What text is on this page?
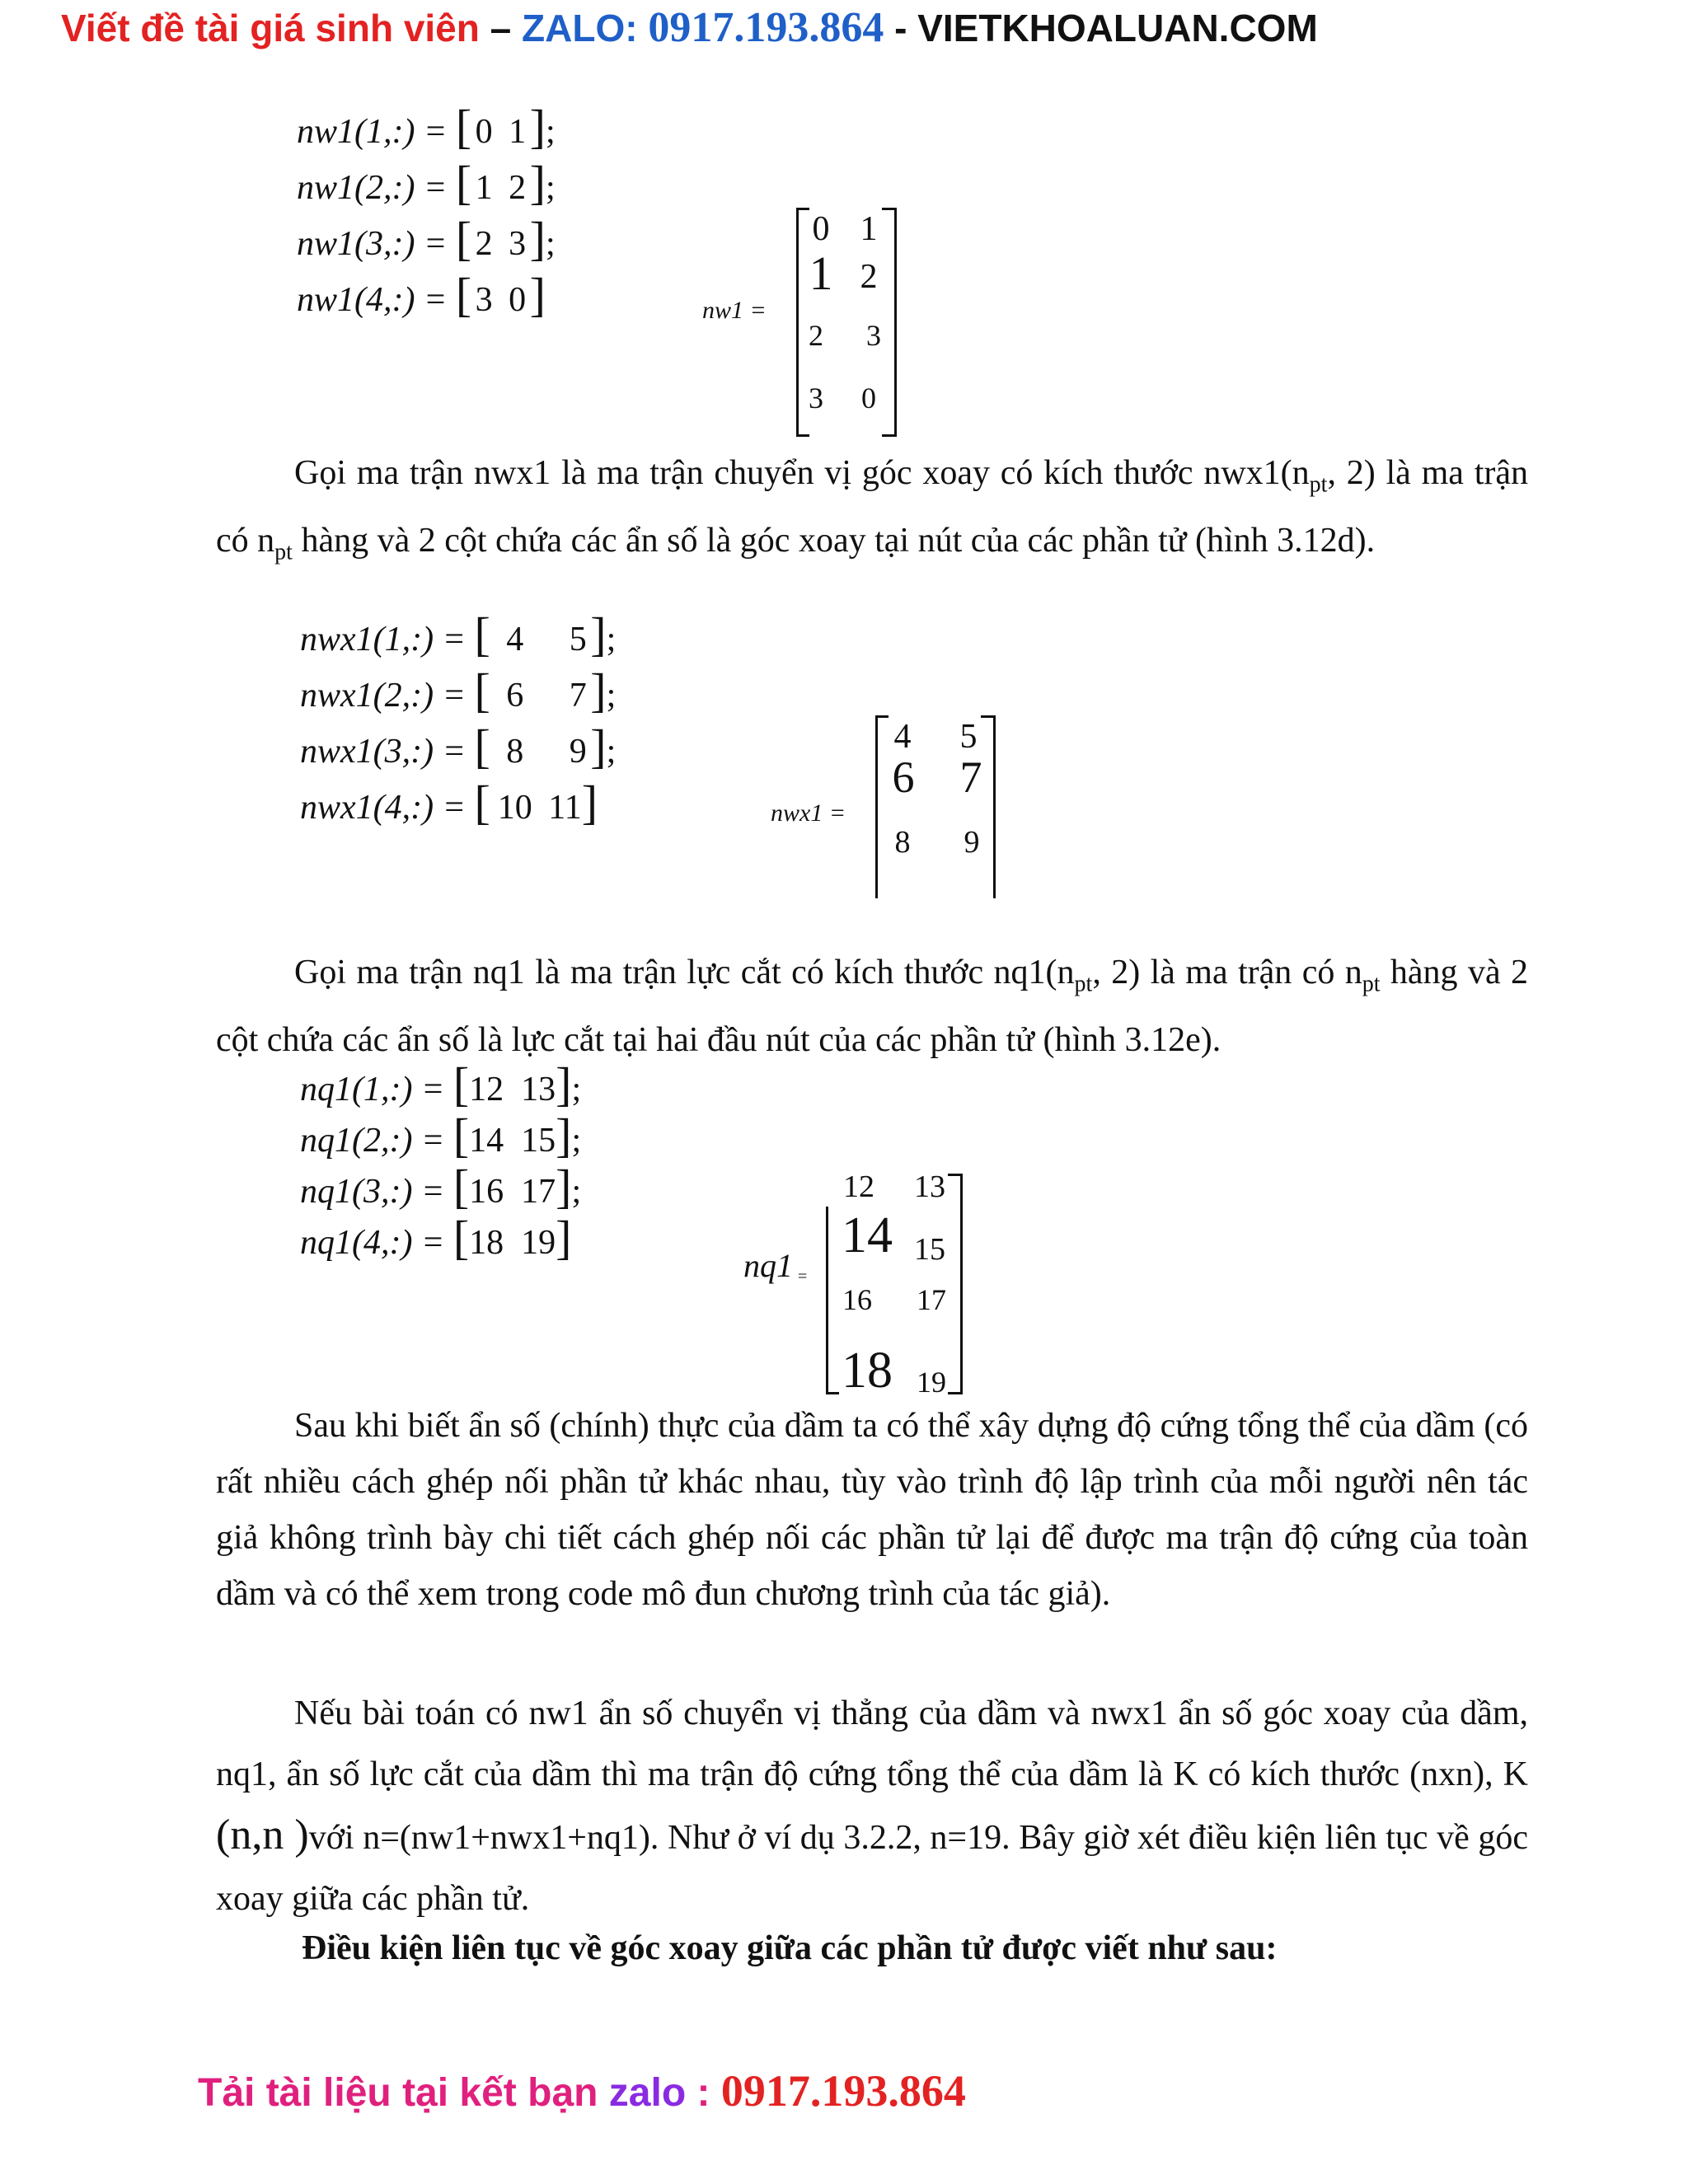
Viết đề tài giá sinh viên – ZALO: 0917.193.864 - VIETKHOALUAN.COM
nw1(1,:) = [ 0 1];
nw1(2,:) = [ 1 2];
nw1(3,:) = [ 2 3];
nw1(4,:) = [ 3 0]	nw1 =
0 1
1 2
2	3
3	0
Gọi ma trận nwx1 là ma trận chuyển vị góc xoay có kích thước $nwx1(n_{pt}$, 2) là ma trận có $n_{pt}$ hàng và 2 cột chứa các ẩn số là góc xoay tại nút của các phần tử (hình 3.12d).
nwx1(1,:) = [ 4 5];
nwx1(2,:) = [ 6 7];
nwx1(3,:) = [ 8 9];
nwx1(4,:) = [ 10 11]	nwx1 =
4	5
6 7
8	9
Gọi ma trận nq1 là ma trận lực cắt có kích thước $nq1(n_{pt}$, 2) là ma trận có $n_{pt}$ hàng và 2 cột chứa các ẩn số là lực cắt tại hai đầu nút của các phần tử (hình 3.12e).
nq1(1,:) = [12 13];
nq1(2,:) = [14 15];
nq1(3,:) = [16 17];
nq1(4,:) = [18 19]
nq1 =
12 13
14 15
16	17
18 19
Sau khi biết ẩn số (chính) thực của dầm ta có thể xây dựng độ cứng tổng thể của dầm (có rất nhiều cách ghép nối phần tử khác nhau, tùy vào trình độ lập trình của mỗi người nên tác giả không trình bày chi tiết cách ghép nối các phần tử lại để được ma trận độ cứng của toàn dầm và có thể xem trong code mô đun chương trình của tác giả).
Nếu bài toán có nw1 ẩn số chuyển vị thẳng của dầm và nwx1 ẩn số góc xoay của dầm, nq1, ẩn số lực cắt của dầm thì ma trận độ cứng tổng thể của dầm là K có kích thước (nxn), K (n,n )với n=(nw1+nwx1+nq1). Như ở ví dụ 3.2.2, n=19. Bây giờ xét điều kiện liên tục về góc xoay giữa các phần tử.
Điều kiện liên tục về góc xoay giữa các phần tử được viết như sau:
Tải tài liệu tại kết bạn zalo : 0917.193.864
